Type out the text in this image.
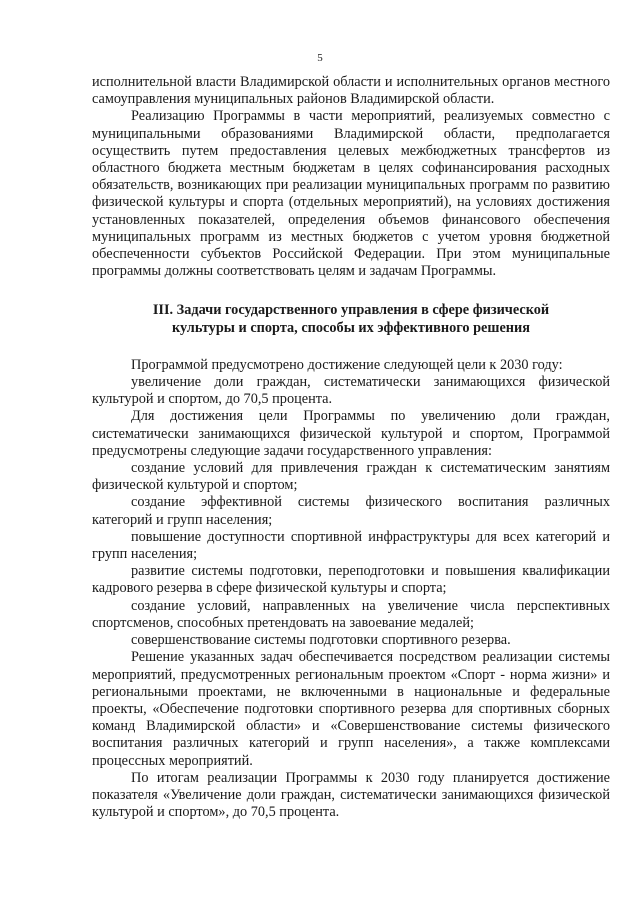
5

исполнительной власти Владимирской области и исполнительных органов местного самоуправления муниципальных районов Владимирской области.

Реализацию Программы в части мероприятий, реализуемых совместно с муниципальными образованиями Владимирской области, предполагается осуществить путем предоставления целевых межбюджетных трансфертов из областного бюджета местным бюджетам в целях софинансирования расходных обязательств, возникающих при реализации муниципальных программ по развитию физической культуры и спорта (отдельных мероприятий), на условиях достижения установленных показателей, определения объемов финансового обеспечения муниципальных программ из местных бюджетов с учетом уровня бюджетной обеспеченности субъектов Российской Федерации. При этом муниципальные программы должны соответствовать целям и задачам Программы.

III. Задачи государственного управления в сфере физической
культуры и спорта, способы их эффективного решения

Программой предусмотрено достижение следующей цели к 2030 году:

увеличение доли граждан, систематически занимающихся физической культурой и спортом, до 70,5 процента.

Для достижения цели Программы по увеличению доли граждан, систематически занимающихся физической культурой и спортом, Программой предусмотрены следующие задачи государственного управления:

создание условий для привлечения граждан к систематическим занятиям физической культурой и спортом;

создание эффективной системы физического воспитания различных категорий и групп населения;

повышение доступности спортивной инфраструктуры для всех категорий и групп населения;

развитие системы подготовки, переподготовки и повышения квалификации кадрового резерва в сфере физической культуры и спорта;

создание условий, направленных на увеличение числа перспективных спортсменов, способных претендовать на завоевание медалей;

совершенствование системы подготовки спортивного резерва.

Решение указанных задач обеспечивается посредством реализации системы мероприятий, предусмотренных региональным проектом «Спорт - норма жизни» и региональными проектами, не включенными в национальные и федеральные проекты, «Обеспечение подготовки спортивного резерва для спортивных сборных команд Владимирской области» и «Совершенствование системы физического воспитания различных категорий и групп населения», а также комплексами процессных мероприятий.

По итогам реализации Программы к 2030 году планируется достижение показателя «Увеличение доли граждан, систематически занимающихся физической культурой и спортом», до 70,5 процента.
